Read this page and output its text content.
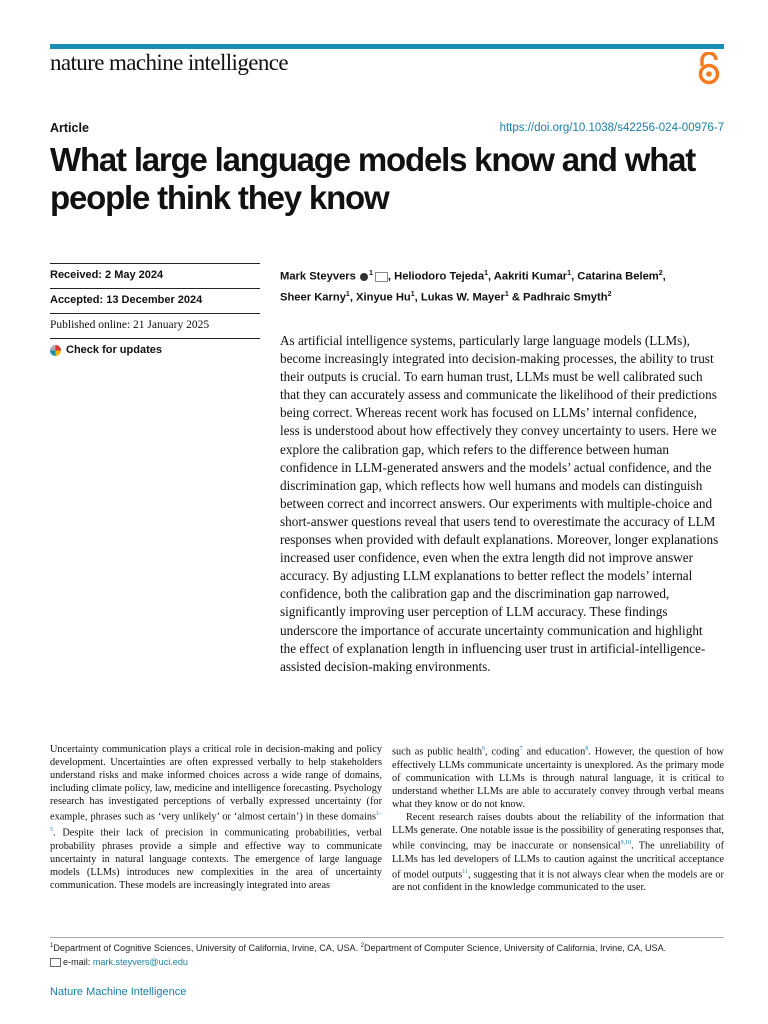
nature machine intelligence
Article	https://doi.org/10.1038/s42256-024-00976-7
What large language models know and what people think they know
Received: 2 May 2024
Accepted: 13 December 2024
Published online: 21 January 2025
Check for updates
Mark Steyvers $^1$ , Heliodoro Tejeda$^1$, Aakriti Kumar$^1$, Catarina Belem$^2$,
Sheer Karny$^1$, Xinyue Hu$^1$, Lukas W. Mayer$^1$ & Padhraic Smyth$^2$
As artificial intelligence systems, particularly large language models (LLMs), become increasingly integrated into decision-making processes, the ability to trust their outputs is crucial. To earn human trust, LLMs must be well calibrated such that they can accurately assess and communicate the likelihood of their predictions being correct. Whereas recent work has focused on LLMs’ internal confidence, less is understood about how effectively they convey uncertainty to users. Here we explore the calibration gap, which refers to the difference between human confidence in LLM-generated answers and the models’ actual confidence, and the discrimination gap, which reflects how well humans and models can distinguish between correct and incorrect answers. Our experiments with multiple-choice and short-answer questions reveal that users tend to overestimate the accuracy of LLM responses when provided with default explanations. Moreover, longer explanations increased user confidence, even when the extra length did not improve answer accuracy. By adjusting LLM explanations to better reflect the models’ internal confidence, both the calibration gap and the discrimination gap narrowed, significantly improving user perception of LLM accuracy. These findings underscore the importance of accurate uncertainty communication and highlight the effect of explanation length in influencing user trust in artificial-intelligence-assisted decision-making environments.

Uncertainty communication plays a critical role in decision-making and policy development. Uncertainties are often expressed verbally to help stakeholders understand risks and make informed choices across a wide range of domains, including climate policy, law, medicine and intelligence forecasting. Psychology research has investigated perceptions of verbally expressed uncertainty (for example, phrases such as ‘very unlikely’ or ‘almost certain’) in these domains$^{1-5}$. Despite their lack of precision in communicating probabilities, verbal probability phrases provide a simple and effective way to communicate uncertainty in natural language contexts. The emergence of large language models (LLMs) introduces new complexities in the area of uncertainty communication. These models are increasingly integrated into areas

such as public health$^6$, coding$^7$ and education$^8$. However, the question of how effectively LLMs communicate uncertainty is unexplored. As the primary mode of communication with LLMs is through natural language, it is critical to understand whether LLMs are able to accurately convey through verbal means what they know or do not know.

Recent research raises doubts about the reliability of the information that LLMs generate. One notable issue is the possibility of generating responses that, while convincing, may be inaccurate or nonsensical$^{9,10}$. The unreliability of LLMs has led developers of LLMs to caution against the uncritical acceptance of model outputs$^{11}$, suggesting that it is not always clear when the models are or are not confident in the knowledge communicated to the user.

$^1$Department of Cognitive Sciences, University of California, Irvine, CA, USA. $^2$Department of Computer Science, University of California, Irvine, CA, USA.
e-mail: mark.steyvers@uci.edu
Nature Machine Intelligence
